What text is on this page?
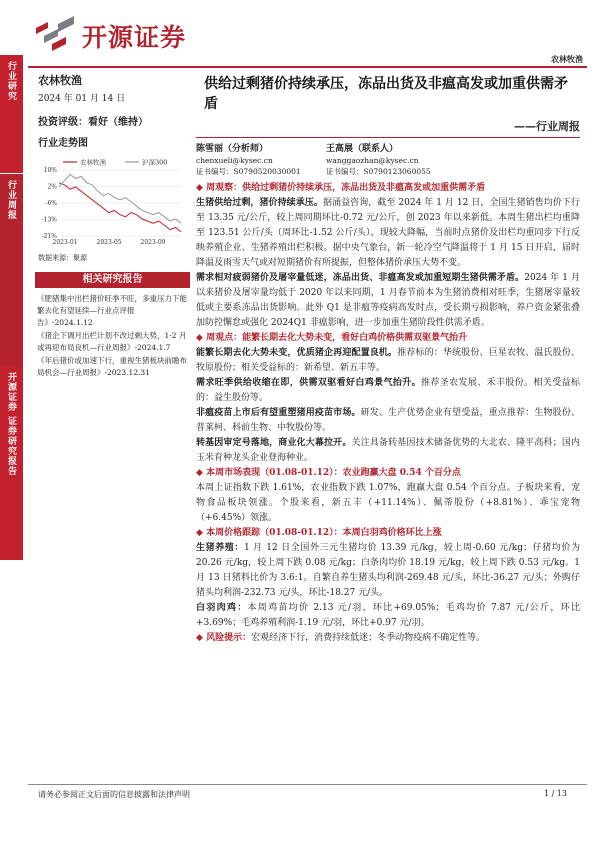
行业研究
行业周报
开源证券 证券研究报告
开源证券
农林牧渔
农林牧渔
2024 年 01 月 14 日
投资评级：看好（维持）
行业走势图
10%
2%
-6%
-13%
-21%
2023-01	2023-05	2023-09
农林牧渔	沪深300
数据来源：聚源
相关研究报告

《肥猪集中出栏猪价旺季不旺，多重压力下能繁去化有望延续—行业点评报告》-2024.1.12

《猪企下调月出栏计划不改过剩大势，1-2 月或再迎布局良机—行业周报》-2024.1.7

《年后猪价或加速下行，重视生猪板块前瞻布局机会—行业周报》-2023.12.31

供给过剩猪价持续承压，冻品出货及非瘟高发或加重供需矛盾
——行业周报
陈雪丽（分析师）
chenxueli@kysec.cn
证书编号：S0790520030001
王高展（联系人）
wanggaozhan@kysec.cn
证书编号：S0790123060055
◆ 周观察：供给过剩猪价持续承压，冻品出货及非瘟高发或加重供需矛盾

生猪供给过剩，猪价持续承压。据涌益咨询，截至 2024 年 1 月 12 日，全国生猪销售均价下行至 13.35 元/公斤，较上周同期环比-0.72 元/公斤，创 2023 年以来新低。本周生猪出栏均重降至 123.51 公斤/头（周环比-1.52 公斤/头），现较大降幅，当前时点猪价及出栏均重同步下行反映养殖企业、生猪养殖出栏积极。据中央气象台，新一轮冷空气降温将于 1 月 15 日开启，届时降温及雨雪天气或对短期猪价有所提振，但整体猪价承压大势不变。

需求相对疲弱猪价及屠宰量低迷，冻品出货、非瘟高发或加重短期生猪供需矛盾。2024 年 1 月以来猪价及屠宰量均低于 2020 年以来同期，1 月春节前本为生猪消费相对旺季，生猪屠宰量较低或主要系冻品出货影响。此外 Q1 是非瘟等疫病高发时点，受长期亏损影响，养户资金紧张叠加防控懈怠或强化 2024Q1 非瘟影响，进一步加重生猪阶段性供需矛盾。

◆ 周观点：能繁长期去化大势未变，看好白鸡价格供需双驱景气抬升

能繁长期去化大势未变，优质猪企再迎配置良机。推荐标的：华统股份、巨星农牧、温氏股份、牧原股份；相关受益标的：新希望、新五丰等。

需求旺季供给收缩在即，供需双驱看好白鸡景气抬升。推荐圣农发展、禾丰股份。相关受益标的：益生股份等。

非瘟疫苗上市后有望重塑猪用疫苗市场。研发、生产优势企业有望受益，重点推荐：生物股份、普莱柯、科前生物、中牧股份等。

转基因审定号落地，商业化大幕拉开。关注具备转基因技术储备优势的大北农、隆平高科；国内玉米育种龙头企业登海种业。

◆ 本周市场表现（01.08-01.12）：农业跑赢大盘 0.54 个百分点

本周上证指数下跌 1.61%，农业指数下跌 1.07%，跑赢大盘 0.54 个百分点。子板块来看，宠物食品板块领涨。个股来看，新五丰（+11.14%）、佩蒂股份（+8.81%）、乖宝宠物（+6.45%）领涨。

◆ 本周价格跟踪（01.08-01.12）：本周白羽鸡价格环比上涨

生猪养殖：1 月 12 日全国外三元生猪均价 13.39 元/kg，较上周-0.60 元/kg；仔猪均价为 20.26 元/kg，较上周下跌 0.08 元/kg；白条肉均价 18.19 元/kg，较上周下跌 0.53 元/kg。1 月 13 日猪料比价为 3.6:1。自繁自养生猪头均利润-269.48 元/头，环比-36.27 元/头；外购仔猪头均利润-232.73 元/头，环比-18.27 元/头。

白羽肉鸡：本周鸡苗均价 2.13 元/羽，环比+69.05%；毛鸡均价 7.87 元/公斤，环比+3.69%；毛鸡养殖利润-1.19 元/羽，环比+0.97 元/羽。

◆ 风险提示：宏观经济下行，消费持续低迷；冬季动物疫病不确定性等。

请务必参阅正文后面的信息披露和法律声明	1 / 13
